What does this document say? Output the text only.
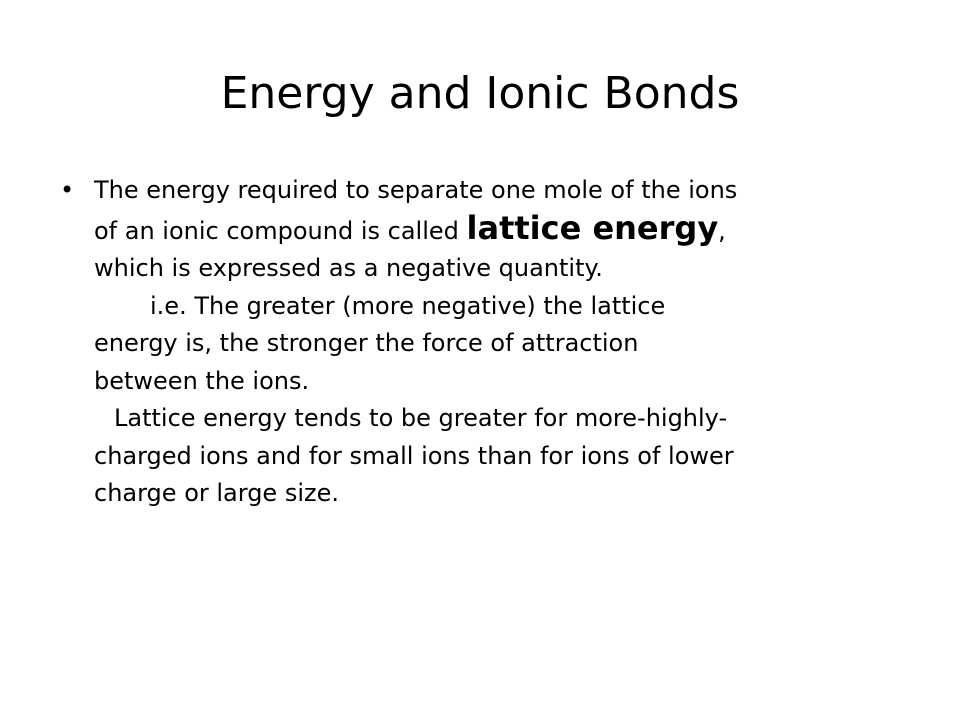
Energy and Ionic Bonds
• The energy required to separate one mole of the ions
of an ionic compound is called lattice energy,
which is expressed as a negative quantity.

i.e. The greater (more negative) the lattice
energy is, the stronger the force of attraction
between the ions.

Lattice energy tends to be greater for more-highly-
charged ions and for small ions than for ions of lower
charge or large size.
